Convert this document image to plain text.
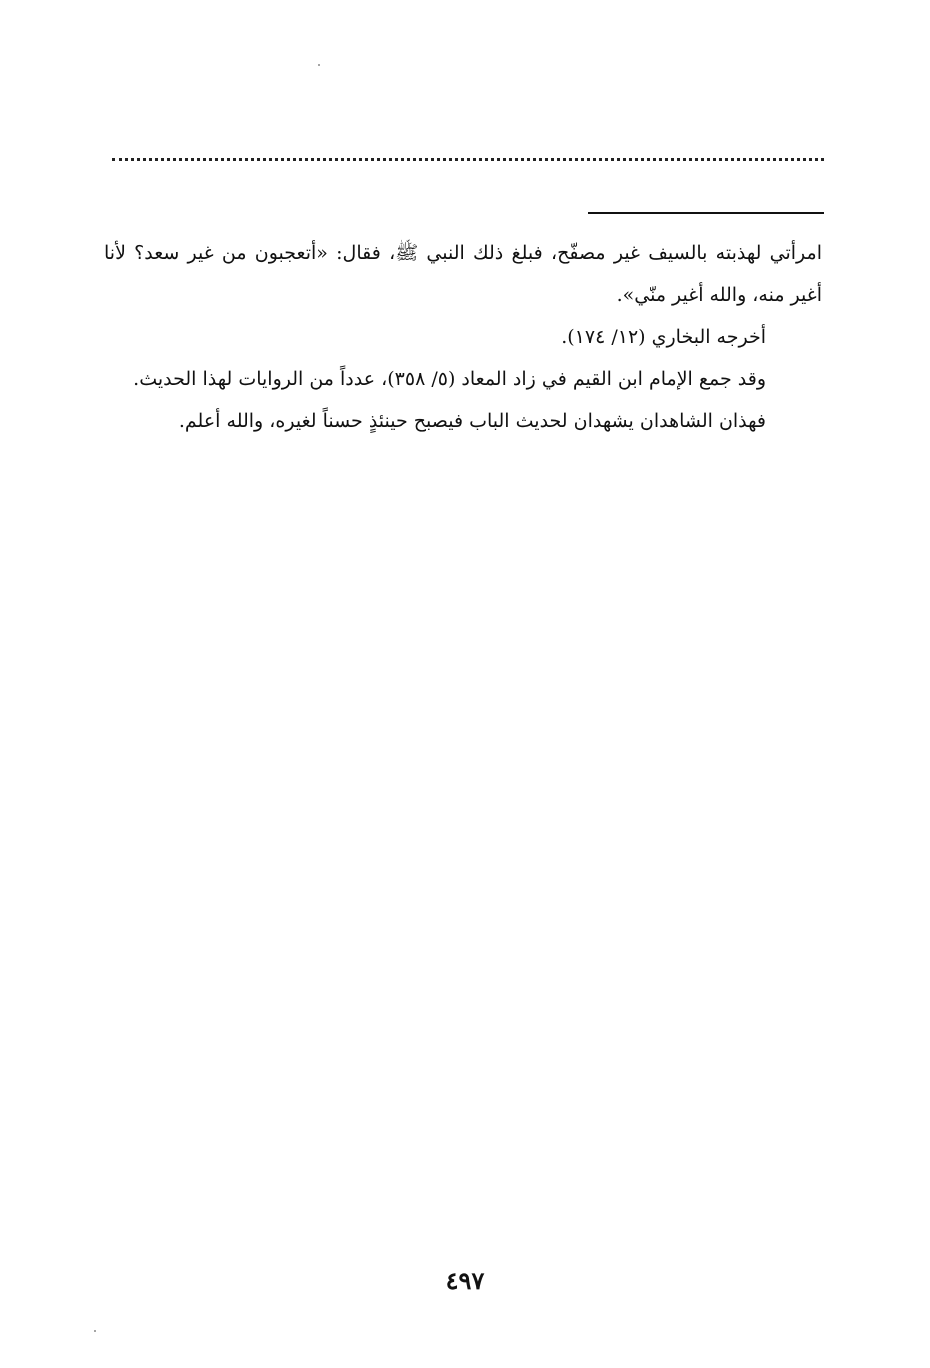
امرأتي لهذبته بالسيف غير مصفّح، فبلغ ذلك النبي ﷺ، فقال: «أتعجبون من غير سعد؟ لأنا أغير منه، والله أغير منّي».

أخرجه البخاري (١٢/ ١٧٤).

وقد جمع الإمام ابن القيم في زاد المعاد (٥/ ٣٥٨)، عدداً من الروايات لهذا الحديث.

فهذان الشاهدان يشهدان لحديث الباب فيصبح حينئذٍ حسناً لغيره، والله أعلم.

٤٩٧
